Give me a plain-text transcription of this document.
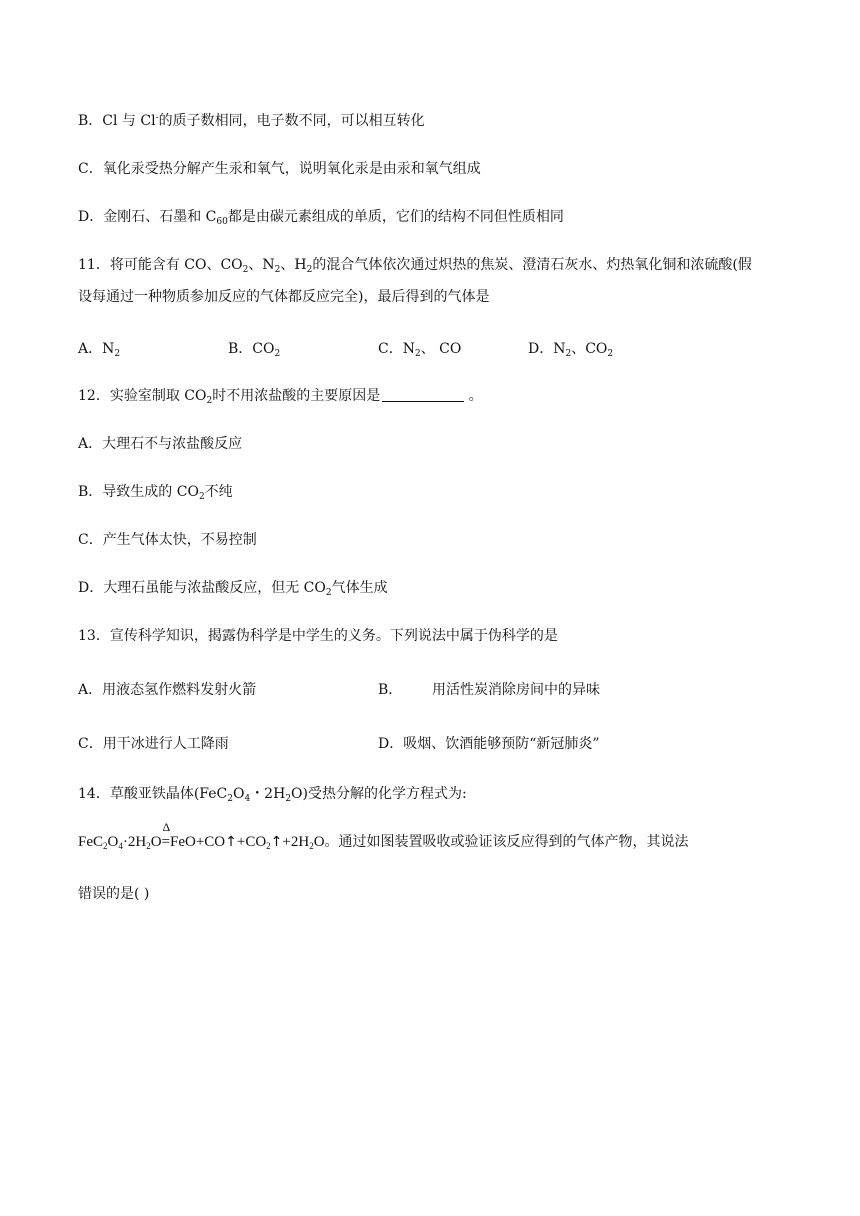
B．Cl 与 Cl-的质子数相同，电子数不同，可以相互转化
C．氧化汞受热分解产生汞和氧气，说明氧化汞是由汞和氧气组成
D．金刚石、石墨和 $C_{60}$都是由碳元素组成的单质，它们的结构不同但性质相同
11．将可能含有 CO、$CO_2$、$N_2$、$H_2$的混合气体依次通过炽热的焦炭、澄清石灰水、灼热氧化铜和浓硫酸(假
设每通过一种物质参加反应的气体都反应完全)，最后得到的气体是
A．$N_2$	B．$CO_2$	C．$N_2$、 CO	D．$N_2$、$CO_2$
12．实验室制取 $CO_2$时不用浓盐酸的主要原因是	。
A．大理石不与浓盐酸反应
B．导致生成的 $CO_2$不纯
C．产生气体太快，不易控制
D．大理石虽能与浓盐酸反应，但无 $CO_2$气体生成
13．宣传科学知识，揭露伪科学是中学生的义务。下列说法中属于伪科学的是
A．用液态氢作燃料发射火箭	B． 用活性炭消除房间中的异味
C．用干冰进行人工降雨	D．吸烟、饮酒能够预防“新冠肺炎”
14．草酸亚铁晶体($FeC_2O_4$・$2H_2O$)受热分解的化学方程式为:
$FeC_2O_4\cdot 2H_2O$
Δ
$=FeO+CO↑+CO_2↑+2H_2O$。通过如图装置吸收或验证该反应得到的气体产物，其说法
错误的是( )
